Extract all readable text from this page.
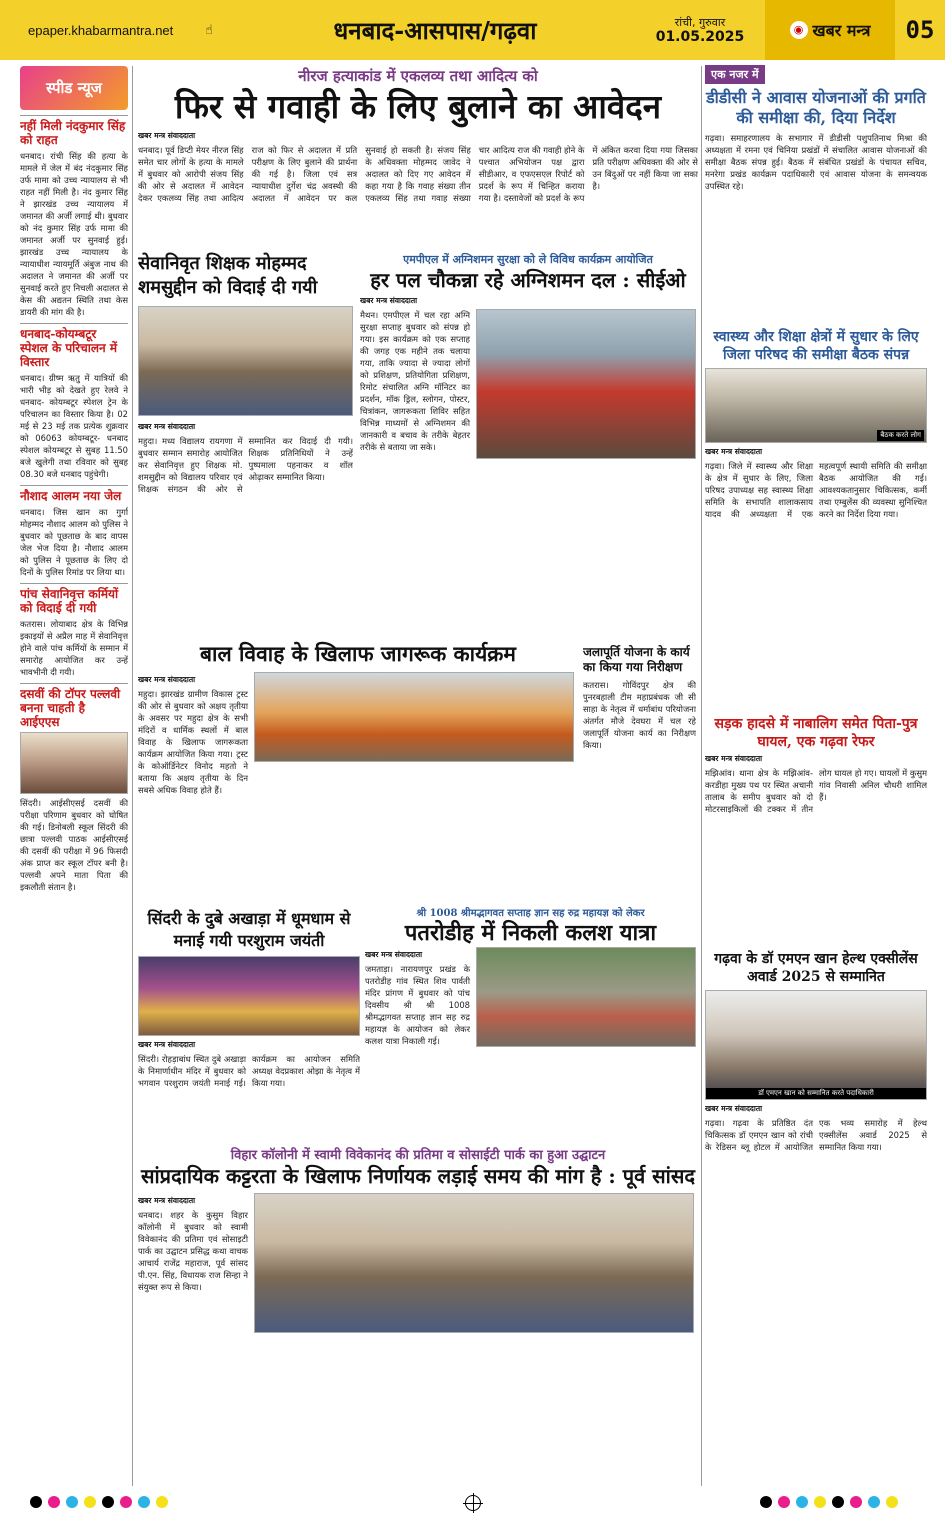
epaper.khabarmantra.net	☝	धनबाद-आसपास/गढ़वा	रांची, गुरुवार
01.05.2025	◉ खबर मन्त्र	05
स्पीड न्यूज
नहीं मिली नंदकुमार सिंह को राहत
धनबाद। रांची सिंह की हत्या के मामले में जेल में बंद नंदकुमार सिंह उर्फ मामा को उच्च न्यायालय से भी राहत नहीं मिली है। नंद कुमार सिंह ने झारखंड उच्च न्यायालय में जमानत की अर्जी लगाई थी। बुधवार को नंद कुमार सिंह उर्फ मामा की जमानत अर्जी पर सुनवाई हुई। झारखंड उच्च न्यायालय के न्यायाधीश न्यायमूर्ति अंबुज नाथ की अदालत ने जमानत की अर्जी पर सुनवाई करते हुए निचली अदालत से केस की अद्यतन स्थिति तथा केस डायरी की मांग की है।
धनबाद-कोयम्बटूर स्पेशल के परिचालन में विस्तार
धनबाद। ग्रीष्म ऋतु में यात्रियों की भारी भीड़ को देखते हुए रेलवे ने धनबाद- कोयम्बटूर स्पेशल ट्रेन के परिचालन का विस्तार किया है। 02 मई से 23 मई तक प्रत्येक शुक्रवार को 06063 कोयम्बटूर- धनबाद स्पेशल कोयम्बटूर से सुबह 11.50 बजे खुलेगी तथा रविवार को सुबह 08.30 बजे धनबाद पहुंचेगी।
नौशाद आलम नया जेल
धनबाद। जिस खान का गुर्गा मोहम्मद नौशाद आलम को पुलिस ने बुधवार को पूछताछ के बाद वापस जेल भेज दिया है। नौशाद आलम को पुलिस ने पूछताछ के लिए दो दिनों के पुलिस रिमांड पर लिया था।
पांच सेवानिवृत्त कर्मियों को विदाई दी गयी
कतरास। लोयाबाद क्षेत्र के विभिन्न इकाइयों से अप्रैल माह में सेवानिवृत्त होने वाले पांच कर्मियों के सम्मान में समारोह आयोजित कर उन्हें भावभीनी दी गयी।
दसवीं की टॉपर पल्लवी बनना चाहती है आईएएस
सिंदरी। आईसीएसई दसवीं की परीक्षा परिणाम बुधवार को घोषित की गई। डिनोबली स्कूल सिंदरी की छात्रा पल्लवी पाठक आईसीएसई की दसवीं की परीक्षा में 96 फिसदी अंक प्राप्त कर स्कूल टॉपर बनी है। पल्लवी अपने माता पिता की इकलौती संतान है।
नीरज हत्याकांड में एकलव्य तथा आदित्य को
फिर से गवाही के लिए बुलाने का आवेदन
खबर मन्त्र संवाददाता
धनबाद। पूर्व डिप्टी मेयर नीरज सिंह समेत चार लोगों के हत्या के मामले में बुधवार को आरोपी संजय सिंह की ओर से अदालत में आवेदन देकर एकलव्य सिंह तथा आदित्य राज को फिर से अदालत में प्रति परीक्षण के लिए बुलाने की प्रार्थना की गई है। जिला एवं सत्र न्यायाधीश दुर्गेश चंद्र अवस्थी की अदालत में आवेदन पर कल सुनवाई हो सकती है। संजय सिंह के अधिवक्ता मोहम्मद जावेद ने अदालत को दिए गए आवेदन में कहा गया है कि गवाह संख्या तीन एकलव्य सिंह तथा गवाह संख्या चार आदित्य राज की गवाही होने के पश्चात अभियोजन पक्ष द्वारा सीडीआर, व एफएसएल रिपोर्ट को प्रदर्श के रूप में चिन्हित कराया गया है। दस्तावेजों को प्रदर्श के रूप में अंकित करवा दिया गया जिसका प्रति परीक्षण अधिवक्ता की ओर से उन बिंदुओं पर नहीं किया जा सका है।
एक नजर में
डीडीसी ने आवास योजनाओं की प्रगति की समीक्षा की, दिया निर्देश
गढ़वा। समाहरणालय के सभागार में डीडीसी पशुपतिनाथ मिश्रा की अध्यक्षता में रमना एवं चिनिया प्रखंडों में संचालित आवास योजनाओं की समीक्षा बैठक संपन्न हुई। बैठक में संबंधित प्रखंडों के पंचायत सचिव, मनरेगा प्रखंड कार्यक्रम पदाधिकारी एवं आवास योजना के समन्वयक उपस्थित रहे।
सेवानिवृत शिक्षक मोहम्मद शमसुद्दीन को विदाई दी गयी
खबर मन्त्र संवाददाता
महुदा। मध्य विद्यालय रायगणा में बुधवार सम्मान समारोह आयोजित कर सेवानिवृत्त हुए शिक्षक मो. शमसुद्दीन को विद्यालय परिवार एवं शिक्षक संगठन की ओर से सम्मानित कर विदाई दी गयी। शिक्षक प्रतिनिधियों ने उन्हें पुष्पमाला पहनाकर व शॉल ओढ़ाकर सम्मानित किया।
एमपीएल में अग्निशमन सुरक्षा को ले विविध कार्यक्रम आयोजित
हर पल चौकन्ना रहे अग्निशमन दल : सीईओ
खबर मन्त्र संवाददाता
मैथन। एमपीएल में चल रहा अग्नि सुरक्षा सप्ताह बुधवार को संपन्न हो गया। इस कार्यक्रम को एक सप्ताह की जगह एक महीने तक चलाया गया, ताकि ज्यादा से ज्यादा लोगों को प्रशिक्षण, प्रतियोगिता प्रशिक्षण, रिमोट संचालित अग्नि मॉनिटर का प्रदर्शन, मॉक ड्रिल, स्लोगन, पोस्टर, चित्रांकन, जागरूकता शिविर सहित विभिन्न माध्यमों से अग्निशमन की जानकारी व बचाव के तरीके बेहतर तरीके से बताया जा सके।
स्वास्थ्य और शिक्षा क्षेत्रों में सुधार के लिए जिला परिषद की समीक्षा बैठक संपन्न
बैठक करते लोग
खबर मन्त्र संवाददाता
गढ़वा। जिले में स्वास्थ्य और शिक्षा के क्षेत्र में सुधार के लिए, जिला परिषद उपाध्यक्ष सह स्वास्थ्य शिक्षा समिति के सभापति शालाकसाय यादव की अध्यक्षता में एक महत्वपूर्ण स्थायी समिति की समीक्षा बैठक आयोजित की गई। आवश्यकतानुसार चिकित्सक, कर्मी तथा एम्बुलेंस की व्यवस्था सुनिश्चित करने का निर्देश दिया गया।
बाल विवाह के खिलाफ जागरूक कार्यक्रम
खबर मन्त्र संवाददाता
महुदा। झारखंड ग्रामीण विकास ट्रस्ट की ओर से बुधवार को अक्षय तृतीया के अवसर पर महुदा क्षेत्र के सभी मंदिरों व धार्मिक स्थलों में बाल विवाह के खिलाफ जागरूकता कार्यक्रम आयोजित किया गया। ट्रस्ट के कोऑर्डिनेटर विनोद महतो ने बताया कि अक्षय तृतीया के दिन सबसे अधिक विवाह होते हैं।
जलापूर्ति योजना के कार्य का किया गया निरीक्षण
कतरास। गोविंदपुर क्षेत्र की पुनरबहाली टीम महाप्रबंधक जी सी साहा के नेतृत्व में धर्माबांध परियोजना अंतर्गत मौजे देवघरा में चल रहे जलापूर्ति योजना कार्य का निरीक्षण किया।
सड़क हादसे में नाबालिग समेत पिता-पुत्र घायल, एक गढ़वा रेफर
खबर मन्त्र संवाददाता
मझिआंव। थाना क्षेत्र के मझिआंव-करडीहा मुख्य पथ पर स्थित अचानी तालाब के समीप बुधवार को दो मोटरसाइकिलों की टक्कर में तीन लोग घायल हो गए। घायलों में कुसुम गांव निवासी अनिल चौधरी शामिल हैं।
सिंदरी के दुबे अखाड़ा में धूमधाम से मनाई गयी परशुराम जयंती
खबर मन्त्र संवाददाता
सिंदरी। रोहड़ाबांध स्थित दुबे अखाड़ा के निमार्णाधीन मंदिर में बुधवार को भगवान परशुराम जयंती मनाई गई। कार्यक्रम का आयोजन समिति अध्यक्ष वेदप्रकाश ओझा के नेतृत्व में किया गया।
श्री 1008 श्रीमद्भागवत सप्ताह ज्ञान सह रुद्र महायज्ञ को लेकर
पतरोडीह में निकली कलश यात्रा
खबर मन्त्र संवाददाता
जमताड़ा। नारायणपुर प्रखंड के पतरोडीह गांव स्थित शिव पार्वती मंदिर प्रांगण में बुधवार को पांच दिवसीय श्री श्री 1008 श्रीमद्भागवत सप्ताह ज्ञान सह रुद्र महायज्ञ के आयोजन को लेकर कलश यात्रा निकाली गई।
गढ़वा के डॉ एमएन खान हेल्थ एक्सीलेंस अवार्ड 2025 से सम्मानित
डॉ एमएन खान को सम्मानित करते पदाधिकारी
खबर मन्त्र संवाददाता
गढ़वा। गढ़वा के प्रतिष्ठित दंत चिकित्सक डॉ एमएन खान को रांची के रेडिसन ब्लू होटल में आयोजित एक भव्य समारोह में हेल्थ एक्सीलेंस अवार्ड 2025 से सम्मानित किया गया।
विहार कॉलोनी में स्वामी विवेकानंद की प्रतिमा व सोसाईटी पार्क का हुआ उद्घाटन
सांप्रदायिक कट्टरता के खिलाफ निर्णायक लड़ाई समय की मांग है : पूर्व सांसद
खबर मन्त्र संवाददाता
धनबाद। शहर के कुसुम विहार कॉलोनी में बुधवार को स्वामी विवेकानंद की प्रतिमा एवं सोसाइटी पार्क का उद्घाटन प्रसिद्ध कथा वाचक आचार्य राजेंद्र महाराज, पूर्व सांसद पी.एन. सिंह, विधायक राज सिन्हा ने संयुक्त रूप से किया।
